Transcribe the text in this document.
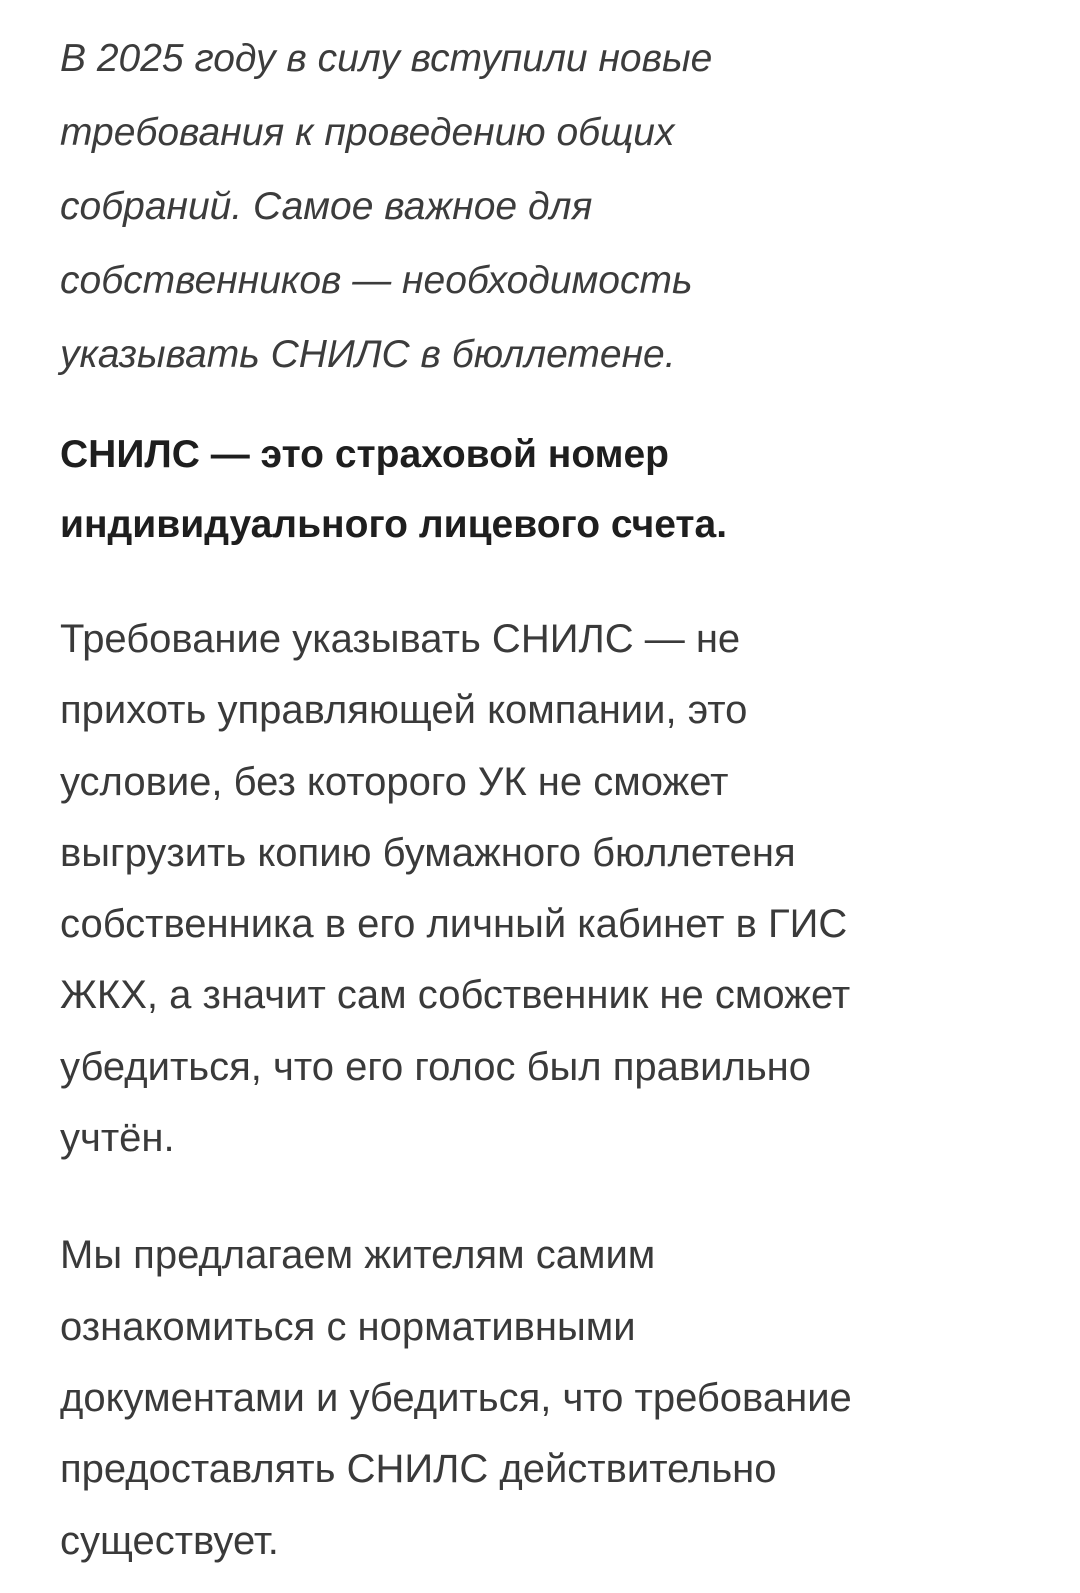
В 2025 году в силу вступили новые
требования к проведению общих
собраний. Самое важное для
собственников — необходимость
указывать СНИЛС в бюллетене.

СНИЛС — это страховой номер
индивидуального лицевого счета.

Требование указывать СНИЛС — не
прихоть управляющей компании, это
условие, без которого УК не сможет
выгрузить копию бумажного бюллетеня
собственника в его личный кабинет в ГИС
ЖКХ, а значит сам собственник не сможет
убедиться, что его голос был правильно
учтён.

Мы предлагаем жителям самим
ознакомиться с нормативными
документами и убедиться, что требование
предоставлять СНИЛС действительно
существует.
